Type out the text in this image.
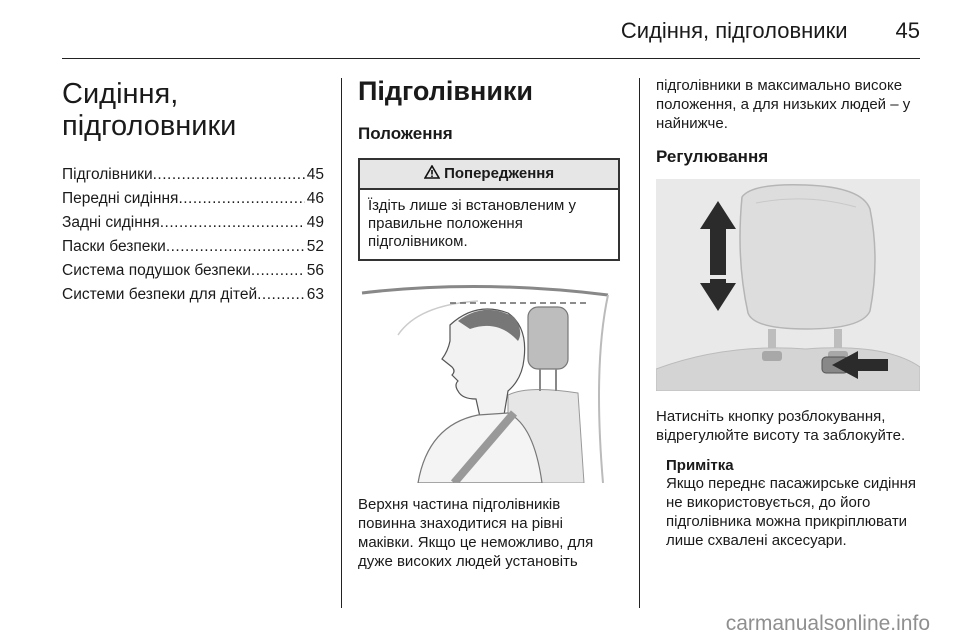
Сидіння, підголовники 45
Сидіння,
підголовники
Підголівники .....	45
Передні сидіння .....	46
Задні сидіння .....	49
Паски безпеки .....	52
Система подушок безпеки .....	56
Системи безпеки для дітей .....	63
Підголівники
Положення
Попередження
Їздіть лише зі встановленим у правильне положення підголівником.

Верхня частина підголівників повинна знаходитися на рівні маківки. Якщо це неможливо, для дуже високих людей установіть

підголівники в максимально високе положення, а для низьких людей – у найнижче.

Регулювання

Натисніть кнопку розблокування, відрегулюйте висоту та заблокуйте.

Примітка

Якщо переднє пасажирське сидіння не використовується, до його підголівника можна прикріплювати лише схвалені аксесуари.

carmanualsonline.info
